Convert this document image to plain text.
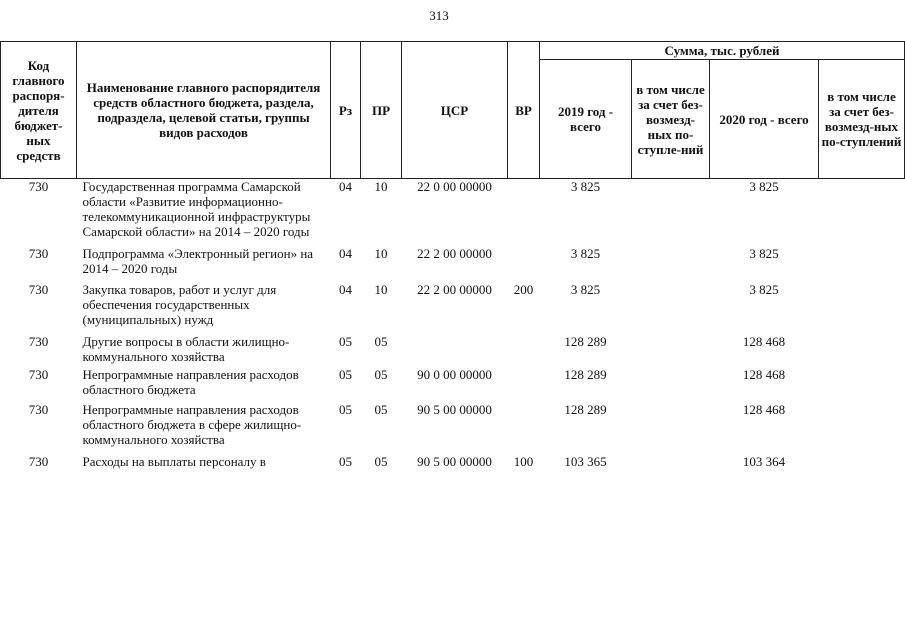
313
Код главного распоря-дителя бюджет-ных средств	Наименование главного распорядителя средств областного бюджета, раздела, подраздела, целевой статьи, группы видов расходов	Рз	ПР	ЦСР	ВР	Сумма, тыс. рублей			
						2019 год - всего	в том числе за счет без-возмезд-ных по-ступле-ний	2020 год - всего	в том числе за счет без-возмезд-ных по-ступлений
730	Государственная программа Самарской области «Развитие информационно-телекоммуникационной инфраструктуры Самарской области» на 2014 – 2020 годы	04	10	22 0 00 00000		3 825		3 825	
730	Подпрограмма «Электронный регион» на 2014 – 2020 годы	04	10	22 2 00 00000		3 825		3 825	
730	Закупка товаров, работ и услуг для обеспечения государственных (муниципальных) нужд	04	10	22 2 00 00000	200	3 825		3 825	
730	Другие вопросы в области жилищно-коммунального хозяйства	05	05			128 289		128 468	
730	Непрограммные направления расходов областного бюджета	05	05	90 0 00 00000		128 289		128 468	
730	Непрограммные направления расходов областного бюджета в сфере жилищно-коммунального хозяйства	05	05	90 5 00 00000		128 289		128 468	
730	Расходы на выплаты персоналу в	05	05	90 5 00 00000	100	103 365		103 364	
